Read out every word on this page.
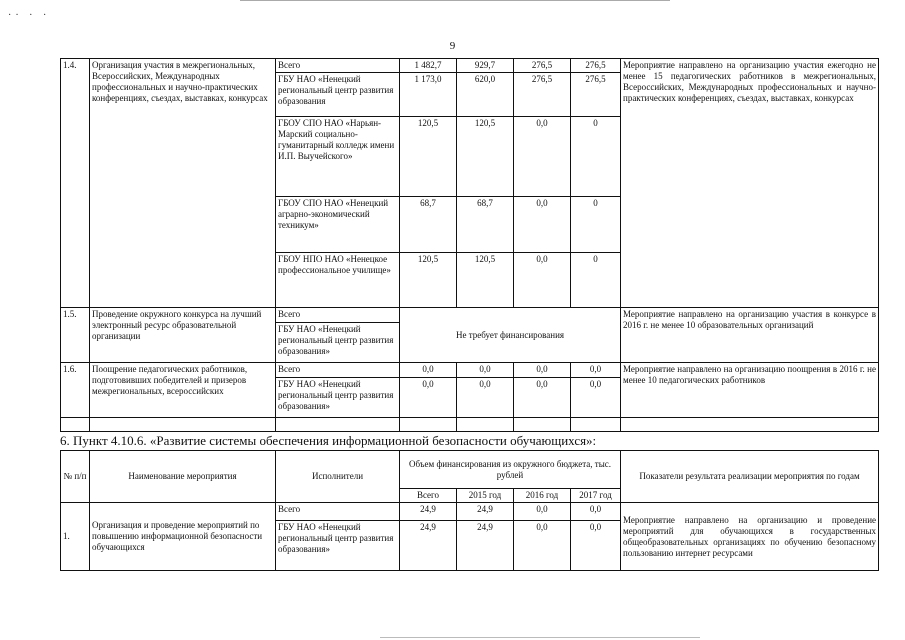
·· · ·
9
1.4.	Организация участия в межрегиональных, Всероссийских, Международных профессиональных и научно-практических конференциях, съездах, выставках, конкурсах	Всего	1 482,7	929,7	276,5	276,5	Мероприятие направлено на организацию участия ежегодно не менее 15 педагогических работников в межрегиональных, Всероссийских, Международных профессиональных и научно-практических конференциях, съездах, выставках, конкурсах
		ГБУ НАО «Ненецкий региональный центр развития образования	1 173,0	620,0	276,5	276,5	
		ГБОУ СПО НАО «Нарьян-Марский социально-гуманитарный колледж имени И.П. Выучейского»	120,5	120,5	0,0	0	
		ГБОУ СПО НАО «Ненецкий аграрно-экономический техникум»	68,7	68,7	0,0	0	
		ГБОУ НПО НАО «Ненецкое профессиональное училище»	120,5	120,5	0,0	0	
1.5.	Проведение окружного конкурса на лучший электронный ресурс образовательной организации	Всего	Не требует финансирования				Мероприятие направлено на организацию участия в конкурсе в 2016 г. не менее 10 образовательных организаций
		ГБУ НАО «Ненецкий региональный центр развития образования»					
1.6.	Поощрение педагогических работников, подготовивших победителей и призеров межрегиональных, всероссийских	Всего	0,0	0,0	0,0	0,0	Мероприятие направлено на организацию поощрения в 2016 г. не менее 10 педагогических работников
		ГБУ НАО «Ненецкий региональный центр развития образования»	0,0	0,0	0,0	0,0	

6. Пункт 4.10.6. «Развитие системы обеспечения информационной безопасности обучающихся»:
№ п/п	Наименование мероприятия	Исполнители	Объем финансирования из окружного бюджета, тыс. рублей				Показатели результата реализации мероприятия по годам
			Всего	2015 год	2016 год	2017 год	
1.	Организация и проведение мероприятий по повышению информационной безопасности обучающихся	Всего	24,9	24,9	0,0	0,0	Мероприятие направлено на организацию и проведение мероприятий для обучающихся в государственных общеобразовательных организациях по обучению безопасному пользованию интернет ресурсами
		ГБУ НАО «Ненецкий региональный центр развития образования»	24,9	24,9	0,0	0,0	
